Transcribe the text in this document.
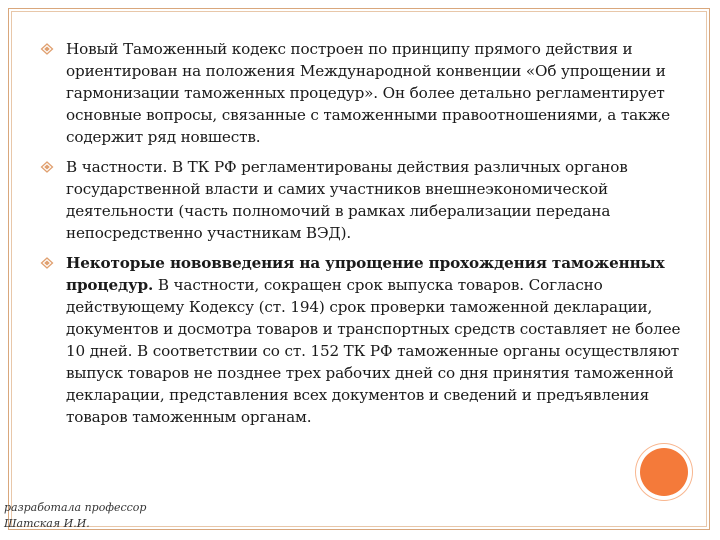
Новый Таможенный кодекс построен по принципу прямого действия и ориентирован на положения Международной конвенции «Об упрощении и гармонизации таможенных процедур». Он более детально регламентирует основные вопросы, связанные с таможенными правоотношениями, а также содержит ряд новшеств.
В частности. В ТК РФ регламентированы действия различных органов государственной власти и самих участников внешнеэкономической деятельности (часть полномочий в рамках либерализации передана непосредственно участникам ВЭД).
Некоторые нововведения на упрощение прохождения таможенных процедур. В частности, сокращен срок выпуска товаров. Согласно действующему Кодексу (ст. 194) срок проверки таможенной декларации, документов и досмотра товаров и транспортных средств составляет не более 10 дней. В соответствии со ст. 152 ТК РФ таможенные органы осуществляют выпуск товаров не позднее трех рабочих дней со дня принятия таможенной декларации, представления всех документов и сведений и предъявления товаров таможенным органам.
разработала профессор Шатская И.И.
